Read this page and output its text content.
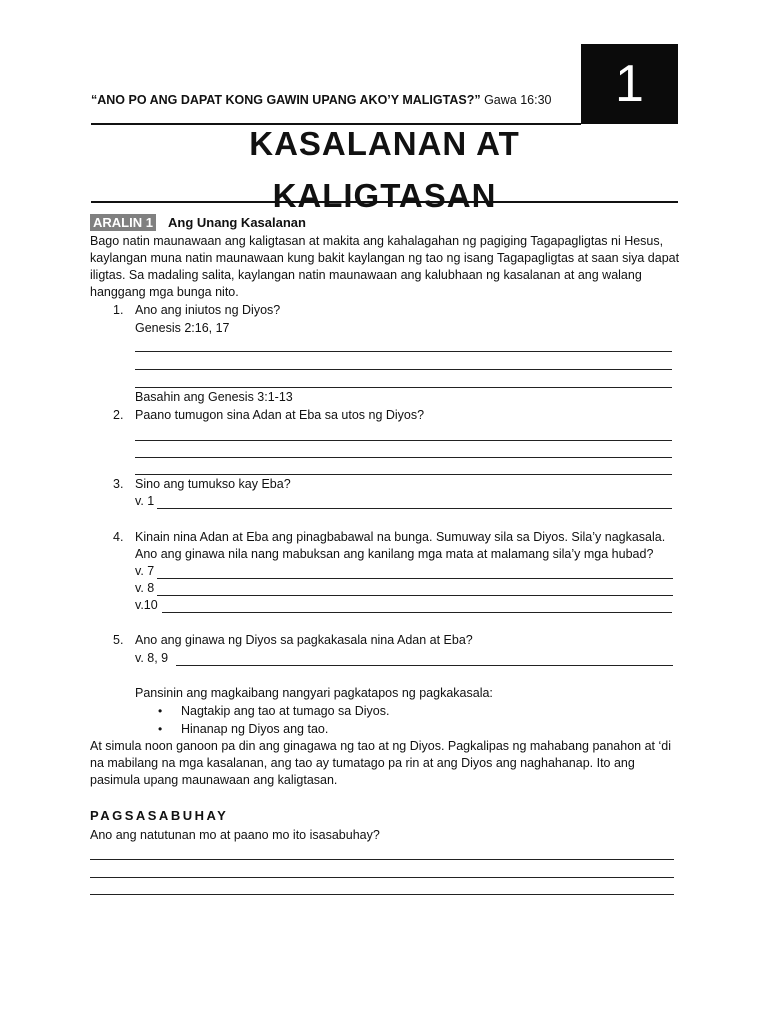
1
“ANO PO ANG DAPAT KONG GAWIN UPANG AKO’Y MALIGTAS?” Gawa 16:30
KASALANAN AT
KALIGTASAN
ARALIN 1 Ang Unang Kasalanan
Bago natin maunawaan ang kaligtasan at makita ang kahalagahan ng pagiging Tagapagligtas ni Hesus, kaylangan muna natin maunawaan kung bakit kaylangan ng tao ng isang Tagapagligtas at saan siya dapat iligtas. Sa madaling salita, kaylangan natin maunawaan ang kalubhaan ng kasalanan at ang walang hanggang mga bunga nito.
1. Ano ang iniutos ng Diyos?
Genesis 2:16, 17
Basahin ang Genesis 3:1-13
2. Paano tumugon sina Adan at Eba sa utos ng Diyos?
3. Sino ang tumukso kay Eba?
v. 1
4. Kinain nina Adan at Eba ang pinagbabawal na bunga. Sumuway sila sa Diyos. Sila’y nagkasala.
Ano ang ginawa nila nang mabuksan ang kanilang mga mata at malamang sila’y mga hubad?
v. 7
v. 8
v.10
5. Ano ang ginawa ng Diyos sa pagkakasala nina Adan at Eba?
v. 8, 9
Pansinin ang magkaibang nangyari pagkatapos ng pagkakasala:
• Nagtakip ang tao at tumago sa Diyos.
• Hinanap ng Diyos ang tao.
At simula noon ganoon pa din ang ginagawa ng tao at ng Diyos. Pagkalipas ng mahabang panahon at ‘di na mabilang na mga kasalanan, ang tao ay tumatago pa rin at ang Diyos ang naghahanap. Ito ang pasimula upang maunawaan ang kaligtasan.
PAGSASABUHAY
Ano ang natutunan mo at paano mo ito isasabuhay?
